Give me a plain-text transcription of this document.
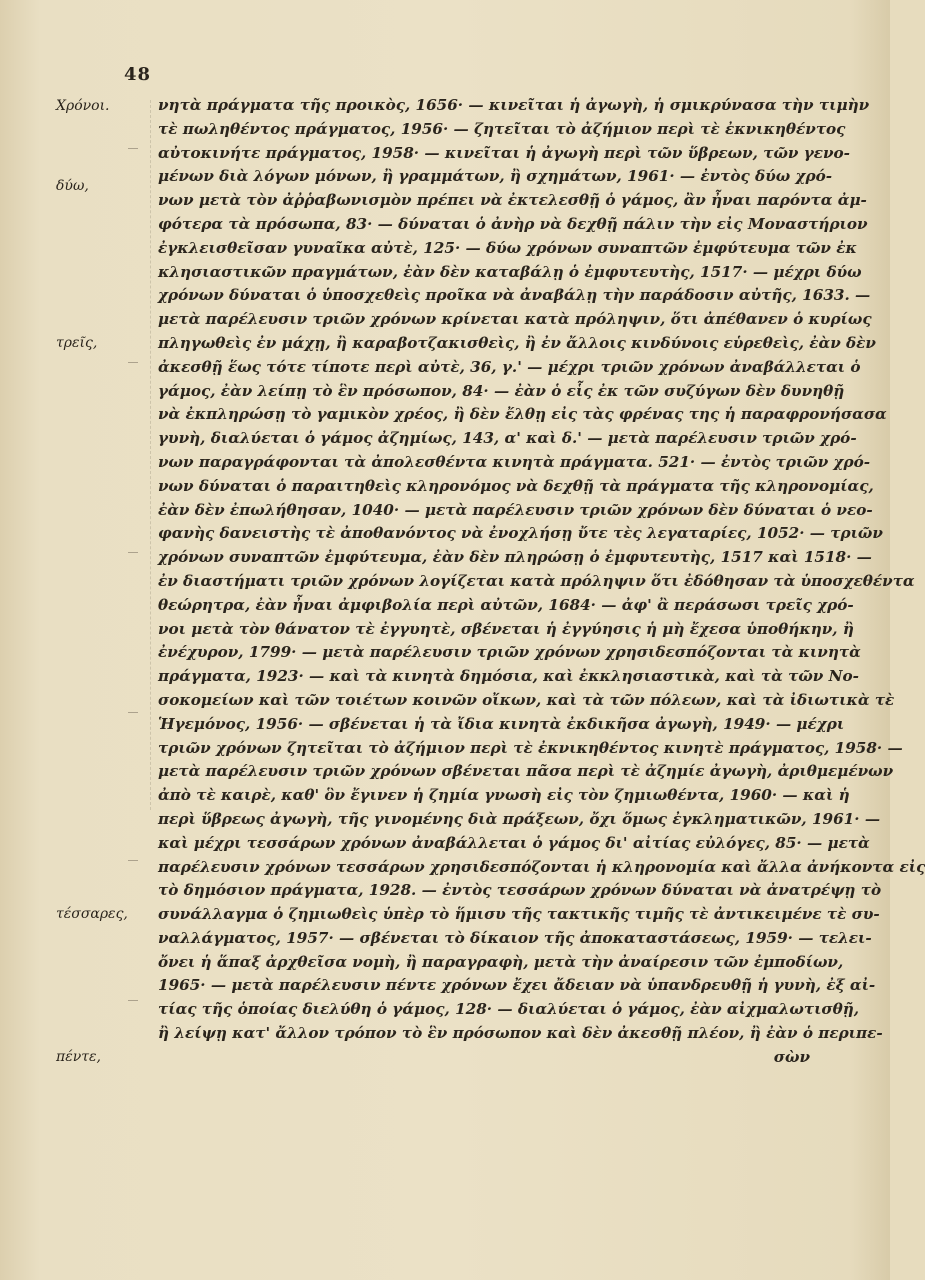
48
Χρόνοι.
δύω,
τρεῖς,
τέσσαρες,
πέντε,
νητὰ πράγματα τῆς προικὸς, 1656· — κινεῖται ἡ ἀγωγὴ, ἡ σμικρύνασα τὴν τιμὴν
τὲ πωληθέντος πράγματος, 1956· — ζητεῖται τὸ ἀζήμιον περὶ τὲ ἐκνικηθέντος
αὐτοκινήτε πράγματος, 1958· — κινεῖται ἡ ἀγωγὴ περὶ τῶν ὕβρεων, τῶν γενο-
μένων διὰ λόγων μόνων, ἢ γραμμάτων, ἢ σχημάτων, 1961· — ἐντὸς δύω χρό-
νων μετὰ τὸν ἀῤῥαβωνισμὸν πρέπει νὰ ἐκτελεσθῇ ὁ γάμος, ἂν ἦναι παρόντα ἀμ-
φότερα τὰ πρόσωπα, 83· — δύναται ὁ ἀνὴρ νὰ δεχθῇ πάλιν τὴν εἰς Μοναστήριον
ἐγκλεισθεῖσαν γυναῖκα αὐτὲ, 125· — δύω χρόνων συναπτῶν ἐμφύτευμα τῶν ἐκ
κλησιαστικῶν πραγμάτων, ἐὰν δὲν καταβάλῃ ὁ ἐμφυτευτὴς, 1517· — μέχρι δύω
χρόνων δύναται ὁ ὑποσχεθεὶς προῖκα νὰ ἀναβάλῃ τὴν παράδοσιν αὐτῆς, 1633. —
μετὰ παρέλευσιν τριῶν χρόνων κρίνεται κατὰ πρόληψιν, ὅτι ἀπέθανεν ὁ κυρίως
πληγωθεὶς ἐν μάχῃ, ἢ καραβοτζακισθεὶς, ἢ ἐν ἄλλοις κινδύνοις εὑρεθεὶς, ἐὰν δὲν
ἀκεσθῇ ἕως τότε τίποτε περὶ αὐτὲ, 36, γ.' — μέχρι τριῶν χρόνων ἀναβάλλεται ὁ
γάμος, ἐὰν λείπῃ τὸ ἓν πρόσωπον, 84· — ἐὰν ὁ εἷς ἐκ τῶν συζύγων δὲν δυνηθῇ
νὰ ἐκπληρώσῃ τὸ γαμικὸν χρέος, ἢ δὲν ἔλθῃ εἰς τὰς φρένας της ἡ παραφρονήσασα
γυνὴ, διαλύεται ὁ γάμος ἀζημίως, 143, α' καὶ δ.' — μετὰ παρέλευσιν τριῶν χρό-
νων παραγράφονται τὰ ἀπολεσθέντα κινητὰ πράγματα. 521· — ἐντὸς τριῶν χρό-
νων δύναται ὁ παραιτηθεὶς κληρονόμος νὰ δεχθῇ τὰ πράγματα τῆς κληρονομίας,
ἐὰν δὲν ἐπωλήθησαν, 1040· — μετὰ παρέλευσιν τριῶν χρόνων δὲν δύναται ὁ νεο-
φανὴς δανειστὴς τὲ ἀποθανόντος νὰ ἐνοχλήσῃ ὔτε τὲς λεγαταρίες, 1052· — τριῶν
χρόνων συναπτῶν ἐμφύτευμα, ἐὰν δὲν πληρώσῃ ὁ ἐμφυτευτὴς, 1517 καὶ 1518· —
ἐν διαστήματι τριῶν χρόνων λογίζεται κατὰ πρόληψιν ὅτι ἐδόθησαν τὰ ὑποσχεθέντα
θεώρητρα, ἐὰν ἦναι ἀμφιβολία περὶ αὐτῶν, 1684· — ἀφ' ἂ περάσωσι τρεῖς χρό-
νοι μετὰ τὸν θάνατον τὲ ἐγγυητὲ, σβένεται ἡ ἐγγύησις ἡ μὴ ἔχεσα ὑποθήκην, ἢ
ἐνέχυρον, 1799· — μετὰ παρέλευσιν τριῶν χρόνων χρησιδεσπόζονται τὰ κινητὰ
πράγματα, 1923· — καὶ τὰ κινητὰ δημόσια, καὶ ἐκκλησιαστικὰ, καὶ τὰ τῶν Νο-
σοκομείων καὶ τῶν τοιέτων κοινῶν οἴκων, καὶ τὰ τῶν πόλεων, καὶ τὰ ἰδιωτικὰ τὲ
Ἡγεμόνος, 1956· — σβένεται ἡ τὰ ἴδια κινητὰ ἐκδικῆσα ἀγωγὴ, 1949· — μέχρι
τριῶν χρόνων ζητεῖται τὸ ἀζήμιον περὶ τὲ ἐκνικηθέντος κινητὲ πράγματος, 1958· —
μετὰ παρέλευσιν τριῶν χρόνων σβένεται πᾶσα περὶ τὲ ἀζημίε ἀγωγὴ, ἀριθμεμένων
ἀπὸ τὲ καιρὲ, καθ' ὃν ἔγινεν ἡ ζημία γνωσὴ εἰς τὸν ζημιωθέντα, 1960· — καὶ ἡ
περὶ ὕβρεως ἀγωγὴ, τῆς γινομένης διὰ πράξεων, ὄχι ὅμως ἐγκληματικῶν, 1961· —
καὶ μέχρι τεσσάρων χρόνων ἀναβάλλεται ὁ γάμος δι' αἰτίας εὐλόγες, 85· — μετὰ
παρέλευσιν χρόνων τεσσάρων χρησιδεσπόζονται ἡ κληρονομία καὶ ἄλλα ἀνήκοντα εἰς
τὸ δημόσιον πράγματα, 1928. — ἐντὸς τεσσάρων χρόνων δύναται νὰ ἀνατρέψῃ τὸ
συνάλλαγμα ὁ ζημιωθεὶς ὑπὲρ τὸ ἥμισυ τῆς τακτικῆς τιμῆς τὲ ἀντικειμένε τὲ συ-
ναλλάγματος, 1957· — σβένεται τὸ δίκαιον τῆς ἀποκαταστάσεως, 1959· — τελει-
ὄνει ἡ ἅπαξ ἀρχθεῖσα νομὴ, ἢ παραγραφὴ, μετὰ τὴν ἀναίρεσιν τῶν ἐμποδίων,
1965· — μετὰ παρέλευσιν πέντε χρόνων ἔχει ἄδειαν νὰ ὑπανδρευθῇ ἡ γυνὴ, ἐξ αἰ-
τίας τῆς ὁποίας διελύθη ὁ γάμος, 128· — διαλύεται ὁ γάμος, ἐὰν αἰχμαλωτισθῇ,
ἢ λείψῃ κατ' ἄλλον τρόπον τὸ ἓν πρόσωπον καὶ δὲν ἀκεσθῇ πλέον, ἢ ἐὰν ὁ περιπε-
σὼν
